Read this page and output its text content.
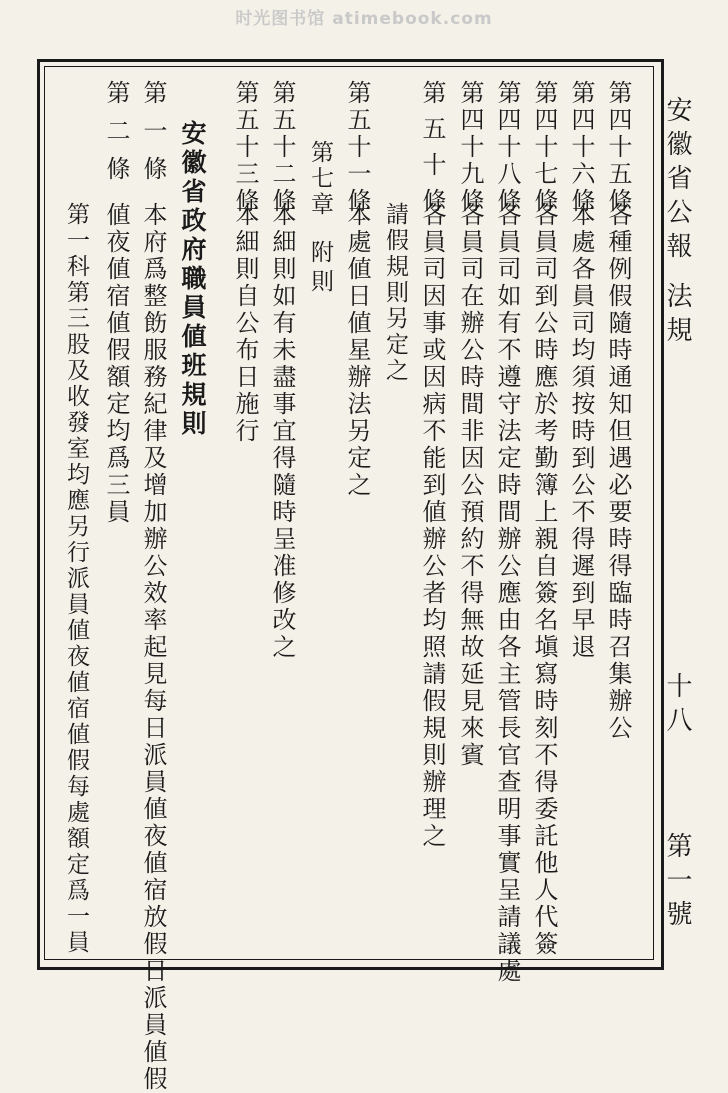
时光图书馆 atimebook.com
安徽省公報
法規
十八
第一號
第四十五條
各種例假隨時通知但遇必要時得臨時召集辦公
第四十六條
本處各員司均須按時到公不得遲到早退
第四十七條
各員司到公時應於考勤簿上親自簽名塡寫時刻不得委託他人代簽
第四十八條
各員司如有不遵守法定時間辦公應由各主管長官查明事實呈請議處
第四十九條
各員司在辦公時間非因公預約不得無故延見來賓
第五十條
各員司因事或因病不能到値辦公者均照請假規則辦理之
請假規則另定之
第五十一條
本處値日値星辦法另定之
第七章
附則
第五十二條
本細則如有未盡事宜得隨時呈准修改之
第五十三條
本細則自公布日施行
安徽省政府職員値班規則
第一條
本府爲整飭服務紀律及增加辦公效率起見每日派員値夜値宿放假日派員値假
第二條
値夜値宿値假額定均爲三員
第一科第三股及收發室均應另行派員値夜値宿値假每處額定爲一員
